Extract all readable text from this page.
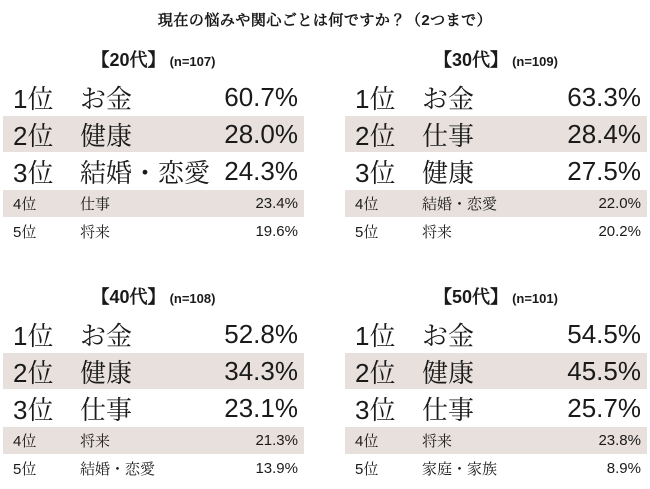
現在の悩みや関心ごとは何ですか？（2つまで）
【20代】 (n=107)
1位	お金	60.7%
2位	健康	28.0%
3位	結婚・恋愛 24.3%
4位	仕事	23.4%
5位	将来	19.6%
【30代】 (n=109)
1位	お金	63.3%
2位	仕事	28.4%
3位	健康	27.5%
4位	結婚・恋愛	22.0%
5位	将来	20.2%
【40代】 (n=108)
1位	お金	52.8%
2位	健康	34.3%
3位	仕事	23.1%
4位	将来	21.3%
5位	結婚・恋愛	13.9%
【50代】 (n=101)
1位	お金	54.5%
2位	健康	45.5%
3位	仕事	25.7%
4位	将来	23.8%
5位	家庭・家族	8.9%
